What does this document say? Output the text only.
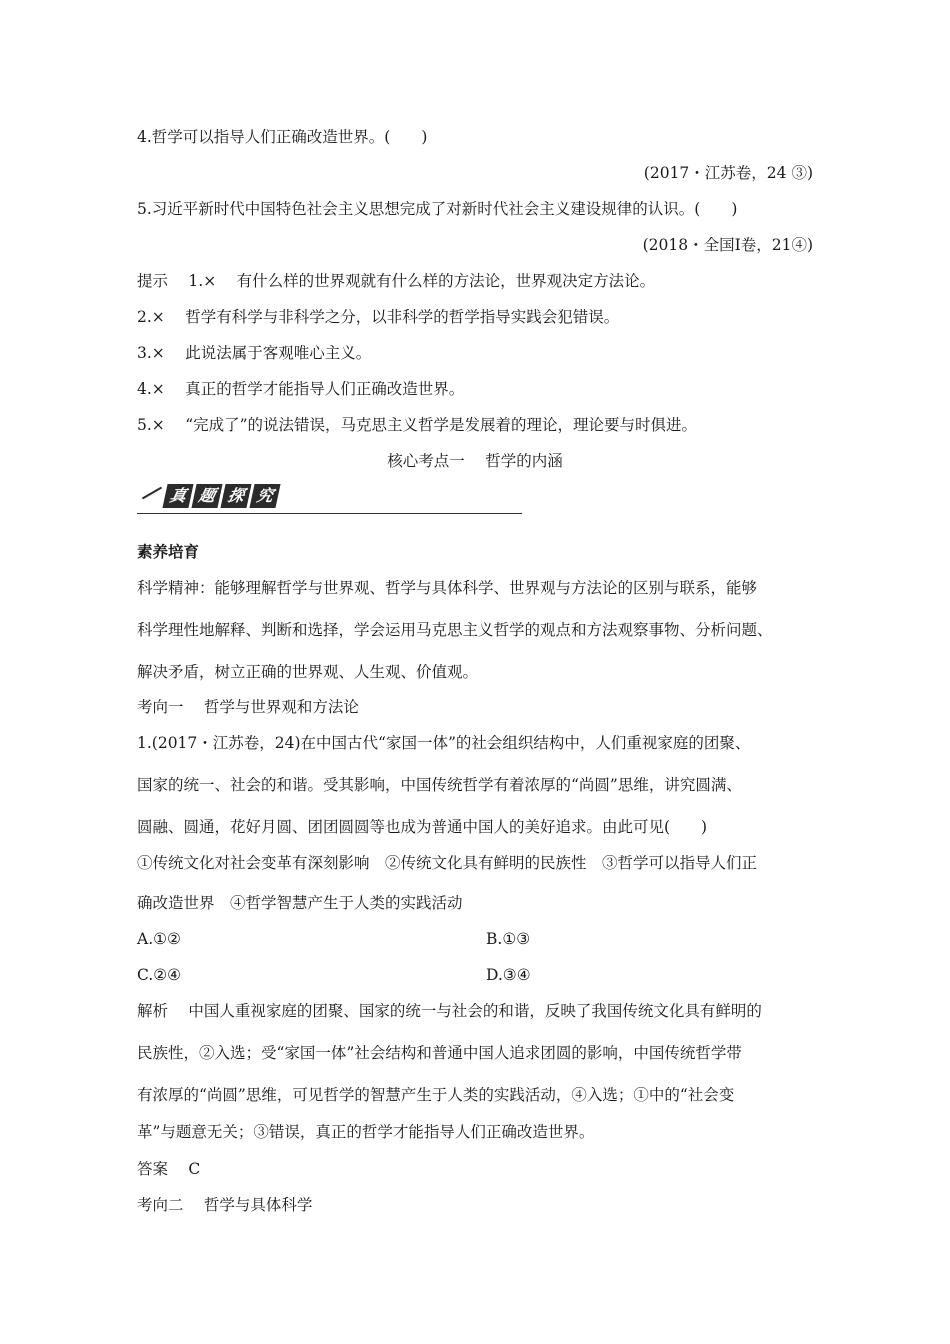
4.哲学可以指导人们正确改造世界。(　　)

(2017・江苏卷，24 ③)

5.习近平新时代中国特色社会主义思想完成了对新时代社会主义建设规律的认识。(　　)

(2018・全国Ⅰ卷，21④)

提示　 1.×　 有什么样的世界观就有什么样的方法论，世界观决定方法论。

2.×　 哲学有科学与非科学之分，以非科学的哲学指导实践会犯错误。

3.×　 此说法属于客观唯心主义。

4.×　 真正的哲学才能指导人们正确改造世界。

5.×　 “完成了”的说法错误，马克思主义哲学是发展着的理论，理论要与时俱进。

核心考点一　 哲学的内涵
真 题 探 究

素养培育

科学精神：能够理解哲学与世界观、哲学与具体科学、世界观与方法论的区别与联系，能够

科学理性地解释、判断和选择，学会运用马克思主义哲学的观点和方法观察事物、分析问题、

解决矛盾，树立正确的世界观、人生观、价值观。

考向一　 哲学与世界观和方法论

1.(2017・江苏卷，24)在中国古代“家国一体”的社会组织结构中，人们重视家庭的团聚、

国家的统一、社会的和谐。受其影响，中国传统哲学有着浓厚的“尚圆”思维，讲究圆满、

圆融、圆通，花好月圆、团团圆圆等也成为普通中国人的美好追求。由此可见(　　)

①传统文化对社会变革有深刻影响　②传统文化具有鲜明的民族性　③哲学可以指导人们正

确改造世界　④哲学智慧产生于人类的实践活动

A.①②	B.①③

C.②④	D.③④

解析　 中国人重视家庭的团聚、国家的统一与社会的和谐，反映了我国传统文化具有鲜明的

民族性，②入选；受“家国一体”社会结构和普通中国人追求团圆的影响，中国传统哲学带

有浓厚的“尚圆”思维，可见哲学的智慧产生于人类的实践活动，④入选；①中的“社会变

革”与题意无关；③错误，真正的哲学才能指导人们正确改造世界。

答案　 C

考向二　 哲学与具体科学
